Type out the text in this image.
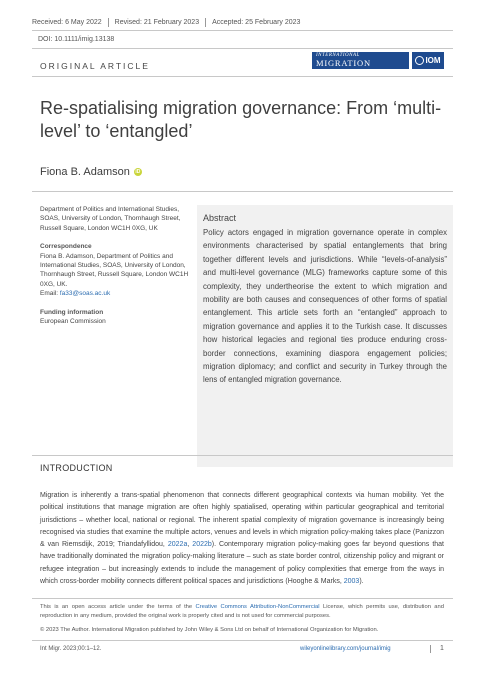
Received: 6 May 2022 Revised: 21 February 2023 Accepted: 25 February 2023
DOI: 10.1111/imig.13138
ORIGINAL ARTICLE
INTERNATIONAL
MIGRATION	IOM
Re-spatialising migration governance: From ‘multi-level’ to ‘entangled’
Fiona B. Adamson	iD
Department of Politics and International Studies, SOAS, University of London, Thornhaugh Street, Russell Square, London WC1H 0XG, UK
Correspondence
Fiona B. Adamson, Department of Politics and International Studies, SOAS, University of London, Thornhaugh Street, Russell Square, London WC1H 0XG, UK.
Email: fa33@soas.ac.uk
Funding information
European Commission
Abstract
Policy actors engaged in migration governance operate in complex environments characterised by spatial entanglements that bring together different levels and jurisdictions. While “levels-of-analysis” and multi-level governance (MLG) frameworks capture some of this complexity, they undertheorise the extent to which migration and mobility are both causes and consequences of other forms of spatial entanglement. This article sets forth an “entangled” approach to migration governance and applies it to the Turkish case. It discusses how historical legacies and regional ties produce enduring cross-border connections, examining diaspora engagement policies; migration diplomacy; and conflict and security in Turkey through the lens of entangled migration governance.
INTRODUCTION

Migration is inherently a trans-spatial phenomenon that connects different geographical contexts via human mobility. Yet the political institutions that manage migration are often highly spatialised, operating within particular geographical and territorial jurisdictions – whether local, national or regional. The inherent spatial complexity of migration governance is increasingly being recognised via studies that examine the multiple actors, venues and levels in which migration policy-making takes place (Panizzon & van Riemsdijk, 2019; Triandafyllidou, 2022a, 2022b). Contemporary migration policy-making goes far beyond questions that have traditionally dominated the migration policy-making literature – such as state border control, citizenship policy and migrant or refugee integration – but increasingly extends to include the management of policy complexities that emerge from the ways in which cross-border mobility connects different political spaces and jurisdictions (Hooghe & Marks, 2003).

This is an open access article under the terms of the Creative Commons Attribution-NonCommercial License, which permits use, distribution and reproduction in any medium, provided the original work is properly cited and is not used for commercial purposes.

© 2023 The Author. International Migration published by John Wiley & Sons Ltd on behalf of International Organization for Migration.

Int Migr. 2023;00:1–12.	wileyonlinelibrary.com/journal/imig	1
